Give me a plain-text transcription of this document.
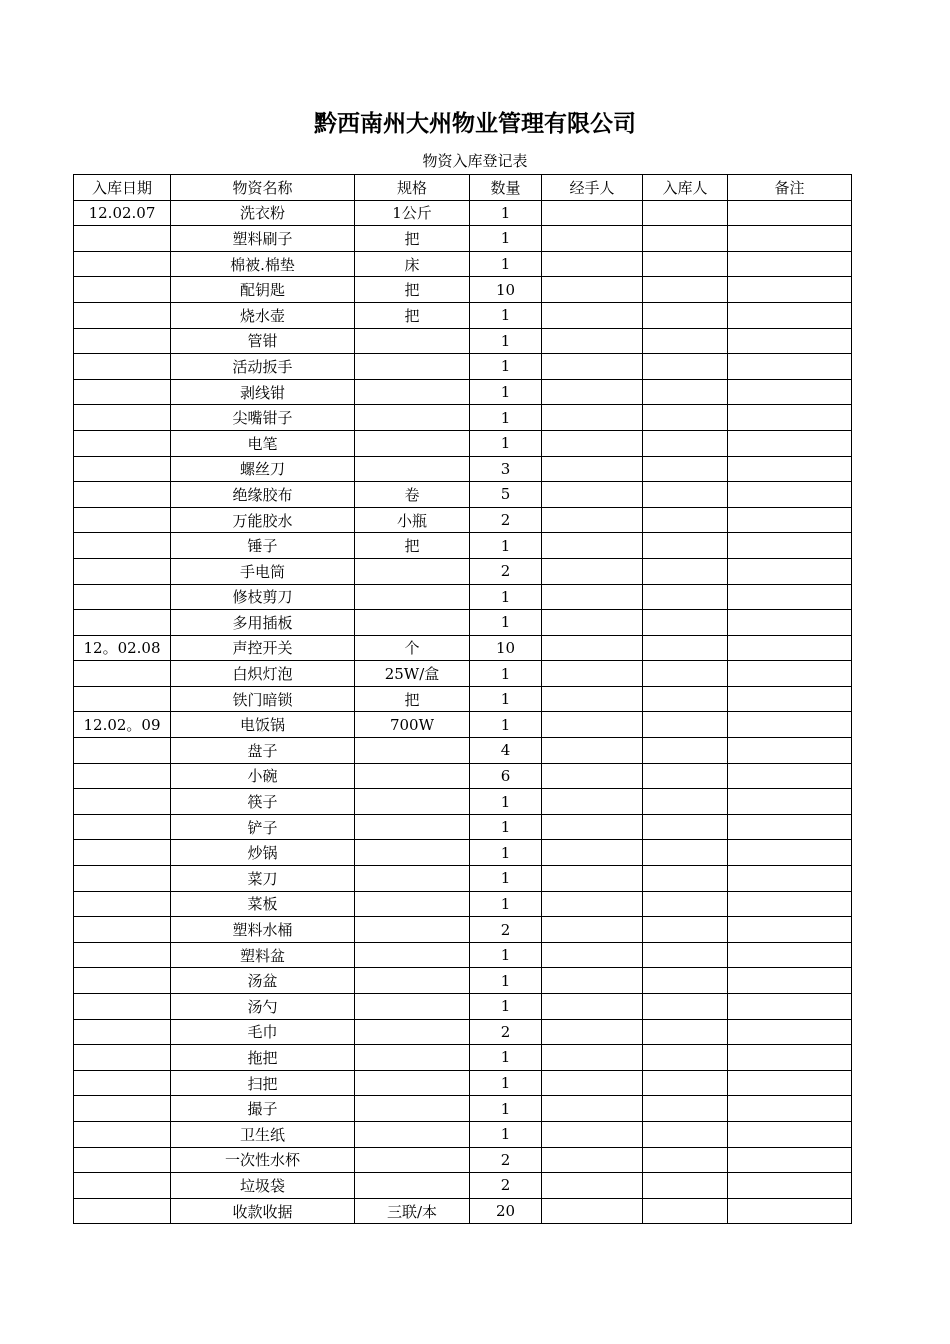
黔西南州大州物业管理有限公司
物资入库登记表
入库日期	物资名称	规格	数量	经手人	入库人	备注
12.02.07	洗衣粉	1公斤	1			
	塑料刷子	把	1			
	棉被.棉垫	床	1			
	配钥匙	把	10			
	烧水壶	把	1			
	管钳		1			
	活动扳手		1			
	剥线钳		1			
	尖嘴钳子		1			
	电笔		1			
	螺丝刀		3			
	绝缘胶布	卷	5			
	万能胶水	小瓶	2			
	锤子	把	1			
	手电筒		2			
	修枝剪刀		1			
	多用插板		1			
12。02.08	声控开关	个	10			
	白炽灯泡	25W/盒	1			
	铁门暗锁	把	1			
12.02。09	电饭锅	700W	1			
	盘子		4			
	小碗		6			
	筷子		1			
	铲子		1			
	炒锅		1			
	菜刀		1			
	菜板		1			
	塑料水桶		2			
	塑料盆		1			
	汤盆		1			
	汤勺		1			
	毛巾		2			
	拖把		1			
	扫把		1			
	撮子		1			
	卫生纸		1			
	一次性水杯		2			
	垃圾袋		2			
	收款收据	三联/本	20			
